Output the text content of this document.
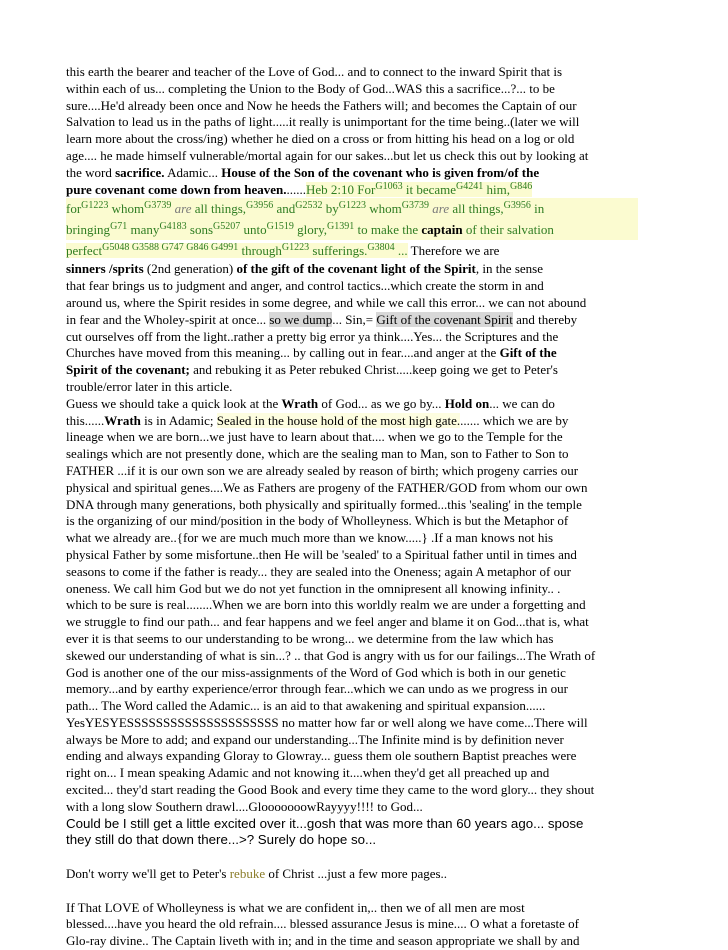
this earth the bearer and teacher of the Love of God... and to connect to the inward Spirit that is
within each of us... completing the Union to the Body of God...WAS this a sacrifice...?... to be
sure....He'd already been once and Now he heeds the Fathers will; and becomes the Captain of our
Salvation to lead us in the paths of light.....it really is unimportant for the time being..(later we will
learn more about the cross/ing) whether he died on a cross or from hitting his head on a log or old
age.... he made himself vulnerable/mortal again for our sakes...but let us check this out by looking at
the word sacrifice. Adamic... House of the Son of the covenant who is given from/of the
pure covenant come down from heaven.......Heb 2:10 For$^{G1063}$ it became$^{G4241}$ him,$^{G846}$
for$^{G1223}$ whom$^{G3739}$ are all things,$^{G3956}$ and$^{G2532}$ $by^{G1223}$ whom$^{G3739}$ are all things,$^{G3956}$ in
bringing$^{G71}$ many$^{G4183}$ sons$^{G5207}$ unto$^{G1519}$ glory,$^{G1391}$ to make the captain of their salvation
perfect$^{G5048 G3588 G747 G846 G4991}$ through$^{G1223}$ sufferings.$^{G3804}$ ... Therefore we are
sinners /sprits (2nd generation) of the gift of the covenant light of the Spirit, in the sense
that fear brings us to judgment and anger, and control tactics...which create the storm in and
around us, where the Spirit resides in some degree, and while we call this error... we can not abound
in fear and the Wholey-spirit at once... so we dump... Sin,= Gift of the covenant Spirit and thereby
cut ourselves off from the light..rather a pretty big error ya think....Yes... the Scriptures and the
Churches have moved from this meaning... by calling out in fear....and anger at the Gift of the
Spirit of the covenant; and rebuking it as Peter rebuked Christ.....keep going we get to Peter's
trouble/error later in this article.
Guess we should take a quick look at the Wrath of God... as we go by... Hold on... we can do
this......Wrath is in Adamic; Sealed in the house hold of the most high gate....... which we are by
lineage when we are born...we just have to learn about that.... when we go to the Temple for the
sealings which are not presently done, which are the sealing man to Man, son to Father to Son to
FATHER ...if it is our own son we are already sealed by reason of birth; which progeny carries our
physical and spiritual genes....We as Fathers are progeny of the FATHER/GOD from whom our own
DNA through many generations, both physically and spiritually formed...this 'sealing' in the temple
is the organizing of our mind/position in the body of Wholleyness. Which is but the Metaphor of
what we already are..{for we are much much more than we know.....} .If a man knows not his
physical Father by some misfortune..then He will be 'sealed' to a Spiritual father until in times and
seasons to come if the father is ready... they are sealed into the Oneness; again A metaphor of our
oneness. We call him God but we do not yet function in the omnipresent all knowing infinity.. .
which to be sure is real........When we are born into this worldly realm we are under a forgetting and
we struggle to find our path... and fear happens and we feel anger and blame it on God...that is, what
ever it is that seems to our understanding to be wrong... we determine from the law which has
skewed our understanding of what is sin...? .. that God is angry with us for our failings...The Wrath of
God is another one of the our miss-assignments of the Word of God which is both in our genetic
memory...and by earthy experience/error through fear...which we can undo as we progress in our
path... The Word called the Adamic... is an aid to that awakening and spiritual expansion......
YesYESYESSSSSSSSSSSSSSSSSSSSS no matter how far or well along we have come...There will
always be More to add; and expand our understanding...The Infinite mind is by definition never
ending and always expanding Gloray to Glowray... guess them ole southern Baptist preaches were
right on... I mean speaking Adamic and not knowing it....when they'd get all preached up and
excited... they'd start reading the Good Book and every time they came to the word glory... they shout
with a long slow Southern drawl....GlooooooowRayyyy!!!! to God...
Could be I still get a little excited over it...gosh that was more than 60 years ago... spose
they still do that down there...>? Surely do hope so...
Don't worry we'll get to Peter's rebuke of Christ ...just a few more pages..
If That LOVE of Wholleyness is what we are confident in,.. then we of all men are most
blessed....have you heard the old refrain.... blessed assurance Jesus is mine.... O what a foretaste of
Glo-ray divine.. The Captain liveth with in; and in the time and season appropriate we shall by and
